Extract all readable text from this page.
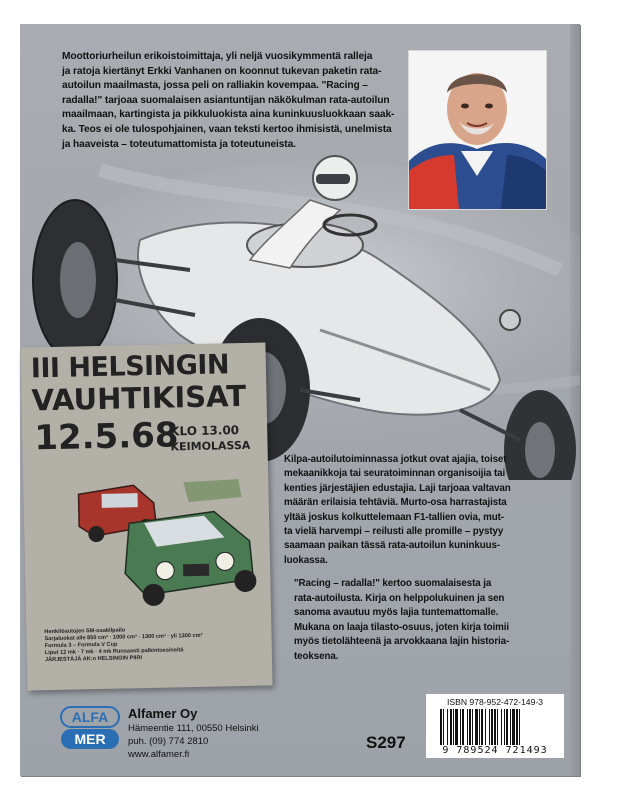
Moottoriurheilun erikoistoimittaja, yli neljä vuosikymmentä ralleja

ja ratoja kiertänyt Erkki Vanhanen on koonnut tukevan paketin rata-

autoilun maailmasta, jossa peli on ralliakin kovempaa. "Racing –

radalla!" tarjoaa suomalaisen asiantuntijan näkökulman rata-autoilun

maailmaan, kartingista ja pikkuluokista aina kuninkuusluokkaan saak-

ka. Teos ei ole tulospohjainen, vaan teksti kertoo ihmisistä, unelmista

ja haaveista – toteutumattomista ja toteutuneista.

III HELSINGIN
VAUHTIKISAT
12.5.68
KLO 13.00
KEIMOLASSA
Henkilöautojen SM-osakilpailu
Sarjaluokat alle 850 cm³ · 1000 cm³ · 1300 cm³ · yli 1300 cm³
Formula 3 – Formula V Cup
Liput 12 mk · 7 mk · 4 mk Runsaasti palkintoesineitä
JÄRJESTÄJÄ AK:n HELSINGIN PIIRI

Kilpa-autoilutoiminnassa jotkut ovat ajajia, toiset

mekaanikkoja tai seuratoiminnan organisoijia tai

kenties järjestäjien edustajia. Laji tarjoaa valtavan

määrän erilaisia tehtäviä. Murto-osa harrastajista

yltää joskus kolkuttelemaan F1-tallien ovia, mut-

ta vielä harvempi – reilusti alle promille – pystyy

saamaan paikan tässä rata-autoilun kuninkuus-

luokassa.

"Racing – radalla!" kertoo suomalaisesta ja

rata-autoilusta. Kirja on helppolukuinen ja sen

sanoma avautuu myös lajia tuntemattomalle.

Mukana on laaja tilasto-osuus, joten kirja toimii

myös tietolähteenä ja arvokkaana lajin historia-

teoksena.

ALFA
MER
Alfamer Oy
Hämeentie 111, 00550 Helsinki
puh. (09) 774 2810
www.alfamer.fi
S297
ISBN 978-952-472-149-3
9 789524 721493
